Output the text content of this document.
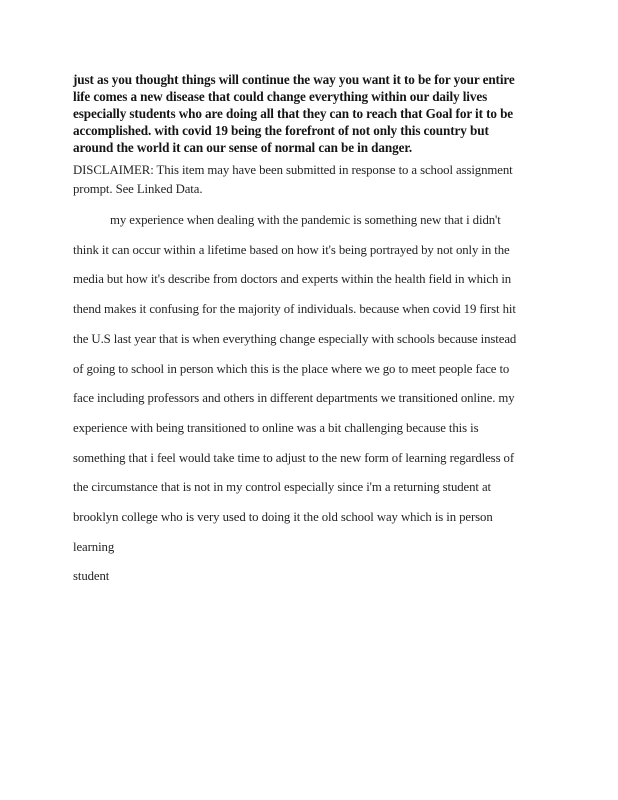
just as you thought things will continue the way you want it to be for your entire
life comes a new disease that could change everything within our daily lives
especially students who are doing all that they can to reach that Goal for it to be
accomplished. with covid 19 being the forefront of not only this country but
around the world it can our sense of normal can be in danger.
DISCLAIMER: This item may have been submitted in response to a school assignment
prompt. See Linked Data.
my experience when dealing with the pandemic is something new that i didn't
think it can occur within a lifetime based on how it's being portrayed by not only in the
media but how it's describe from doctors and experts within the health field in which in
thend makes it confusing for the majority of individuals. because when covid 19 first hit
the U.S last year that is when everything change especially with schools because instead
of going to school in person which this is the place where we go to meet people face to
face including professors and others in different departments we transitioned online. my
experience with being transitioned to online was a bit challenging because this is
something that i feel would take time to adjust to the new form of learning regardless of
the circumstance that is not in my control especially since i'm a returning student at
brooklyn college who is very used to doing it the old school way which is in person
learning
student
